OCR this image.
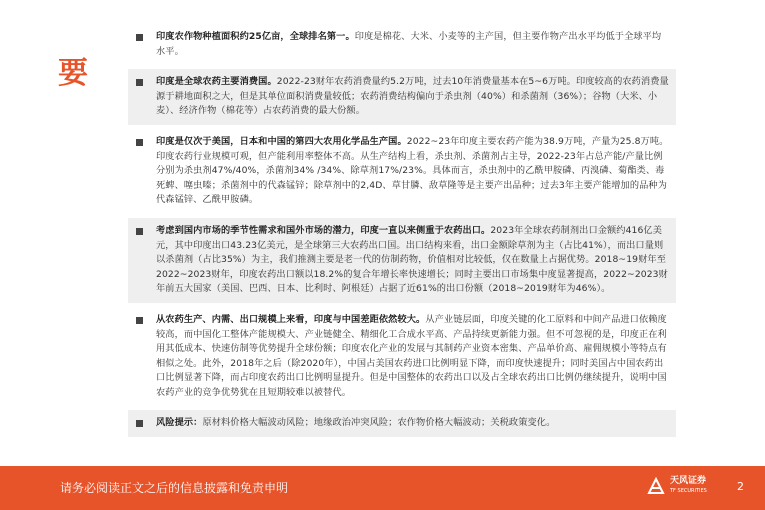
要
印度农作物种植面积约25亿亩，全球排名第一。印度是棉花、大米、小麦等的主产国，但主要作物产出水平均低于全球平均水平。
印度是全球农药主要消费国。2022-23财年农药消费量约5.2万吨，过去10年消费量基本在5~6万吨。印度较高的农药消费量源于耕地面积之大，但是其单位面积消费量较低；农药消费结构偏向于杀虫剂（40%）和杀菌剂（36%）；谷物（大米、小麦）、经济作物（棉花等）占农药消费的最大份额。
印度是仅次于美国，日本和中国的第四大农用化学品生产国。2022~23年印度主要农药产能为38.9万吨，产量为25.8万吨。印度农药行业规模可观，但产能利用率整体不高。从生产结构上看，杀虫剂、杀菌剂占主导，2022-23年占总产能/产量比例分别为杀虫剂47%/40%，杀菌剂34% /34%、除草剂17%/23%。具体而言，杀虫剂中的乙酰甲胺磷、丙溴磷、菊酯类、毒死蜱、噻虫嗪；杀菌剂中的代森锰锌；除草剂中的2,4D、草甘膦、敌草隆等是主要产出品种；过去3年主要产能增加的品种为代森锰锌、乙酰甲胺磷。
考虑到国内市场的季节性需求和国外市场的潜力，印度一直以来侧重于农药出口。2023年全球农药制剂出口金额约416亿美元，其中印度出口43.23亿美元，是全球第三大农药出口国。出口结构来看，出口金额除草剂为主（占比41%），而出口量则以杀菌剂（占比35%）为主，我们推测主要是老一代的仿制药物，价值相对比较低，仅在数量上占据优势。2018~19财年至2022~2023财年，印度农药出口额以18.2%的复合年增长率快速增长；同时主要出口市场集中度显著提高，2022~2023财年前五大国家（美国、巴西、日本、比利时、阿根廷）占据了近61%的出口份额（2018~2019财年为46%）。
从农药生产、内需、出口规模上来看，印度与中国差距依然较大。从产业链层面，印度关键的化工原料和中间产品进口依赖度较高，而中国化工整体产能规模大、产业链健全、精细化工合成水平高、产品持续更新能力强。但不可忽视的是，印度正在利用其低成本、快速仿制等优势提升全球份额；印度农化产业的发展与其制药产业资本密集、产品单价高、雇佣规模小等特点有相似之处。此外，2018年之后（除2020年），中国占美国农药进口比例明显下降，而印度快速提升；同时美国占中国农药出口比例显著下降，而占印度农药出口比例明显提升。但是中国整体的农药出口以及占全球农药出口比例仍继续提升，说明中国农药产业的竞争优势犹在且短期较难以被替代。
风险提示：原材料价格大幅波动风险；地缘政治冲突风险；农作物价格大幅波动；关税政策变化。
请务必阅读正文之后的信息披露和免责申明	天风证券
TF SECURITIES	2
